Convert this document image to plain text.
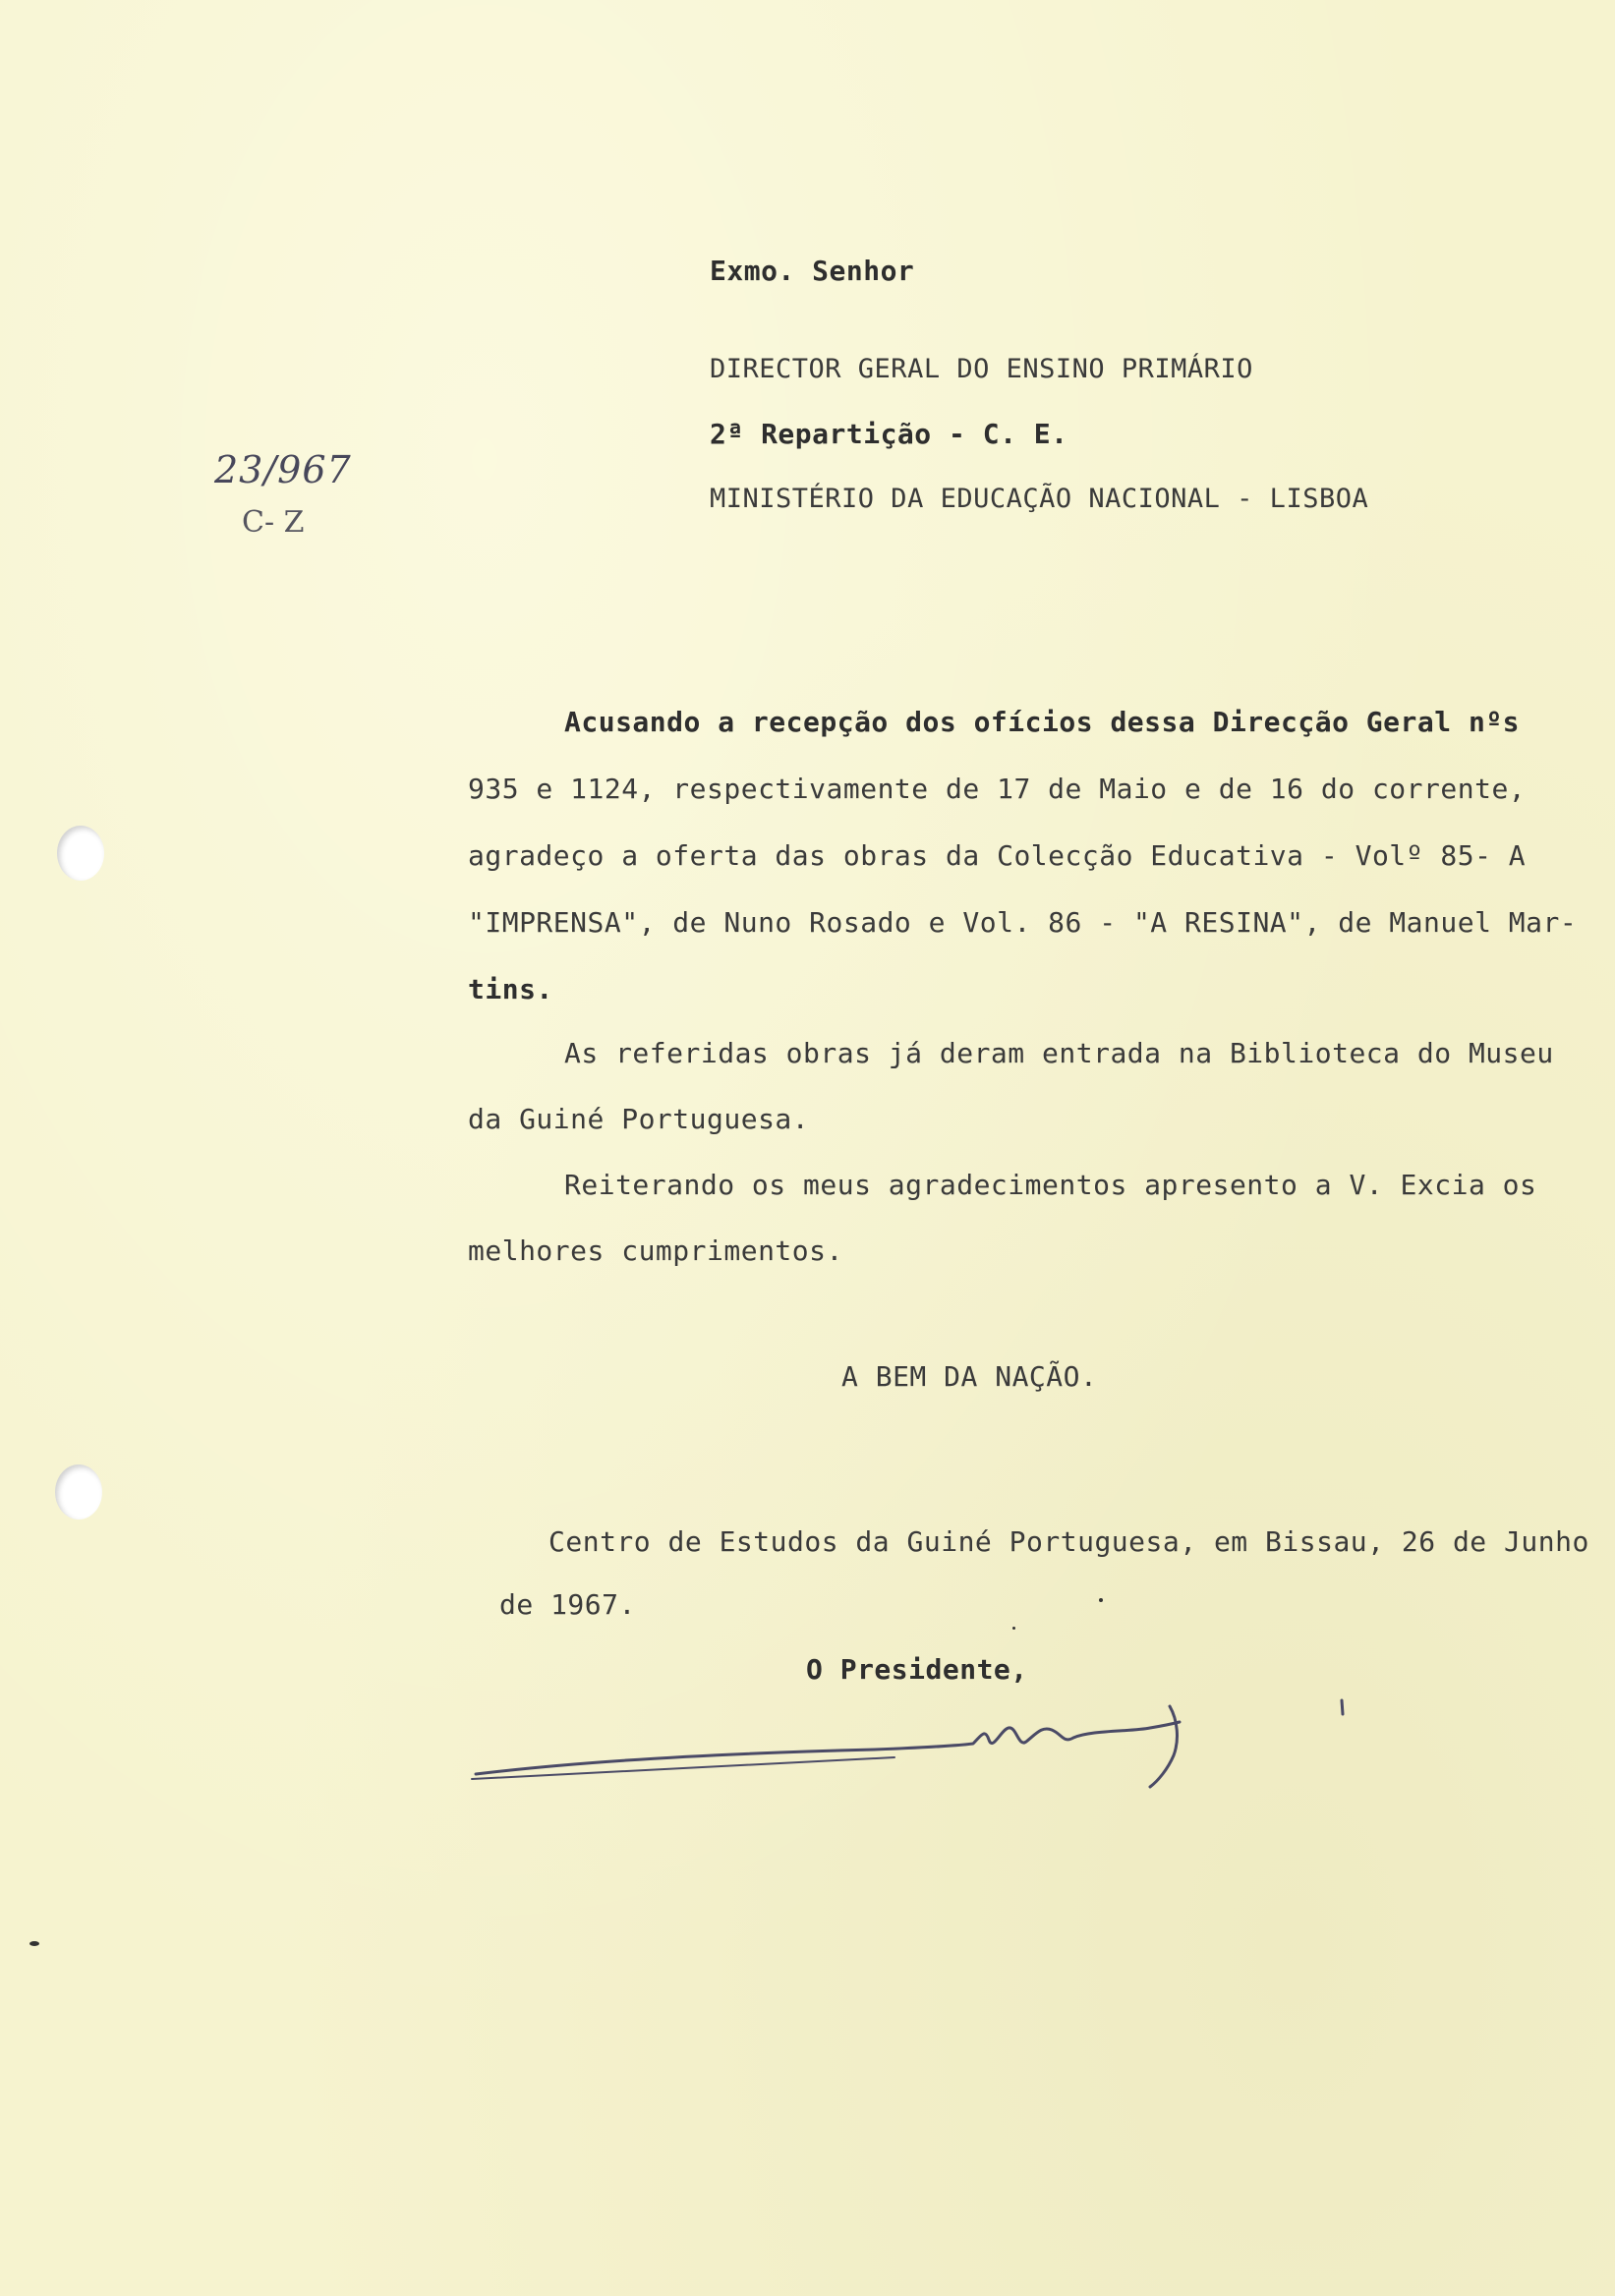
23/967
C- Z
Exmo. Senhor
DIRECTOR GERAL DO ENSINO PRIMÁRIO
2ª Repartição - C. E.
MINISTÉRIO DA EDUCAÇÃO NACIONAL - LISBOA
Acusando a recepção dos ofícios dessa Direcção Geral nºs
935 e 1124, respectivamente de 17 de Maio e de 16 do corrente,
agradeço a oferta das obras da Colecção Educativa - Volº 85- A
"IMPRENSA", de Nuno Rosado e Vol. 86 - "A RESINA", de Manuel Mar-
tins.
As referidas obras já deram entrada na Biblioteca do Museu
da Guiné Portuguesa.
Reiterando os meus agradecimentos apresento a V. Excia os
melhores cumprimentos.
A BEM DA NAÇÃO.
Centro de Estudos da Guiné Portuguesa, em Bissau, 26 de Junho
de 1967.
O Presidente,
